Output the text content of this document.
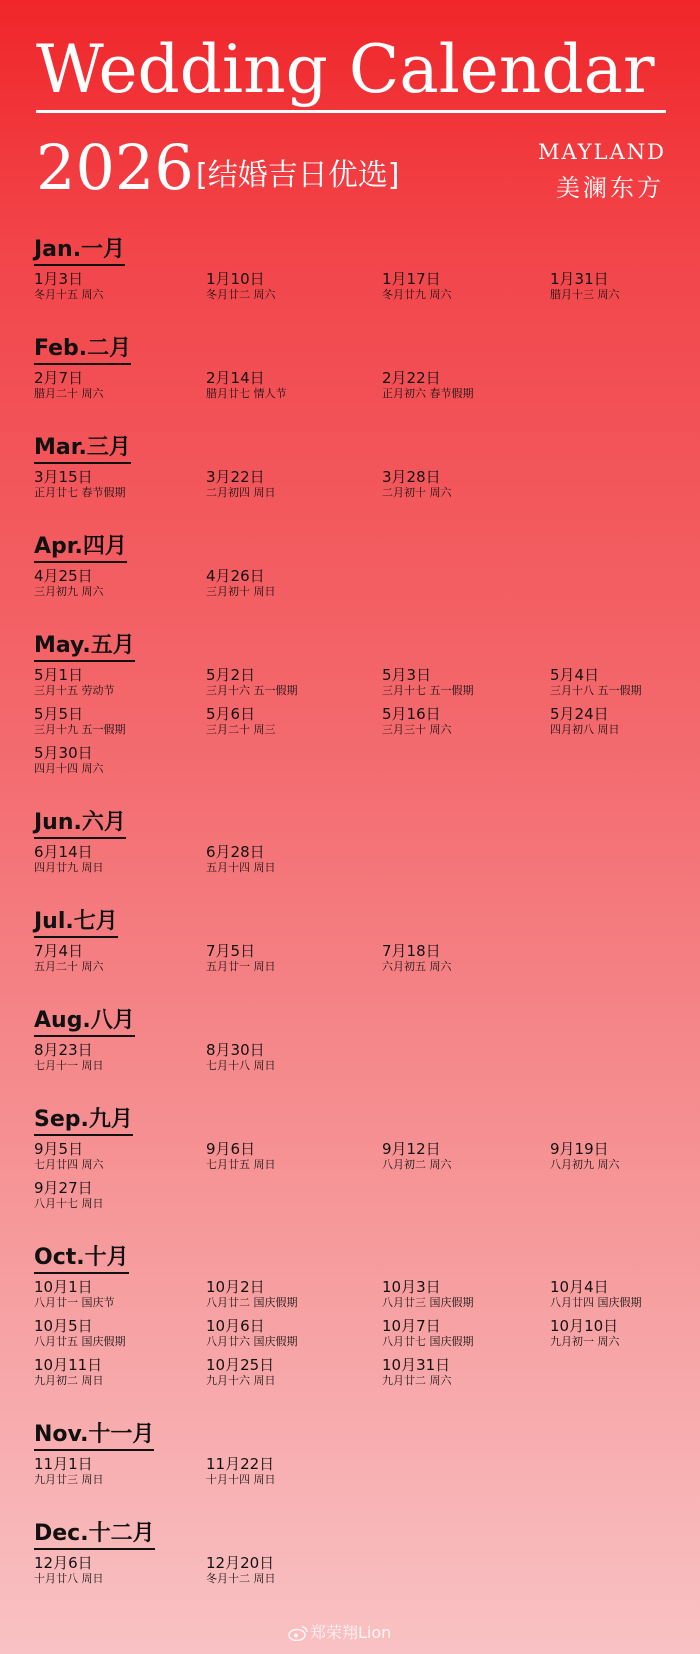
Wedding Calendar
2026 [结婚吉日优选]
MAYLAND
美澜东方
Jan.一月
1月3日
冬月十五 周六
1月10日
冬月廿二 周六
1月17日
冬月廿九 周六
1月31日
腊月十三 周六
Feb.二月
2月7日
腊月二十 周六
2月14日
腊月廿七 情人节
2月22日
正月初六 春节假期
Mar.三月
3月15日
正月廿七 春节假期
3月22日
二月初四 周日
3月28日
二月初十 周六
Apr.四月
4月25日
三月初九 周六
4月26日
三月初十 周日
May.五月
5月1日
三月十五 劳动节
5月2日
三月十六 五一假期
5月3日
三月十七 五一假期
5月4日
三月十八 五一假期
5月5日
三月十九 五一假期
5月6日
三月二十 周三
5月16日
三月三十 周六
5月24日
四月初八 周日
5月30日
四月十四 周六
Jun.六月
6月14日
四月廿九 周日
6月28日
五月十四 周日
Jul.七月
7月4日
五月二十 周六
7月5日
五月廿一 周日
7月18日
六月初五 周六
Aug.八月
8月23日
七月十一 周日
8月30日
七月十八 周日
Sep.九月
9月5日
七月廿四 周六
9月6日
七月廿五 周日
9月12日
八月初二 周六
9月19日
八月初九 周六
9月27日
八月十七 周日
Oct.十月
10月1日
八月廿一 国庆节
10月2日
八月廿二 国庆假期
10月3日
八月廿三 国庆假期
10月4日
八月廿四 国庆假期
10月5日
八月廿五 国庆假期
10月6日
八月廿六 国庆假期
10月7日
八月廿七 国庆假期
10月10日
九月初一 周六
10月11日
九月初二 周日
10月25日
九月十六 周日
10月31日
九月廿二 周六
Nov.十一月
11月1日
九月廿三 周日
11月22日
十月十四 周日
Dec.十二月
12月6日
十月廿八 周日
12月20日
冬月十二 周日
郑荣翔Lion
